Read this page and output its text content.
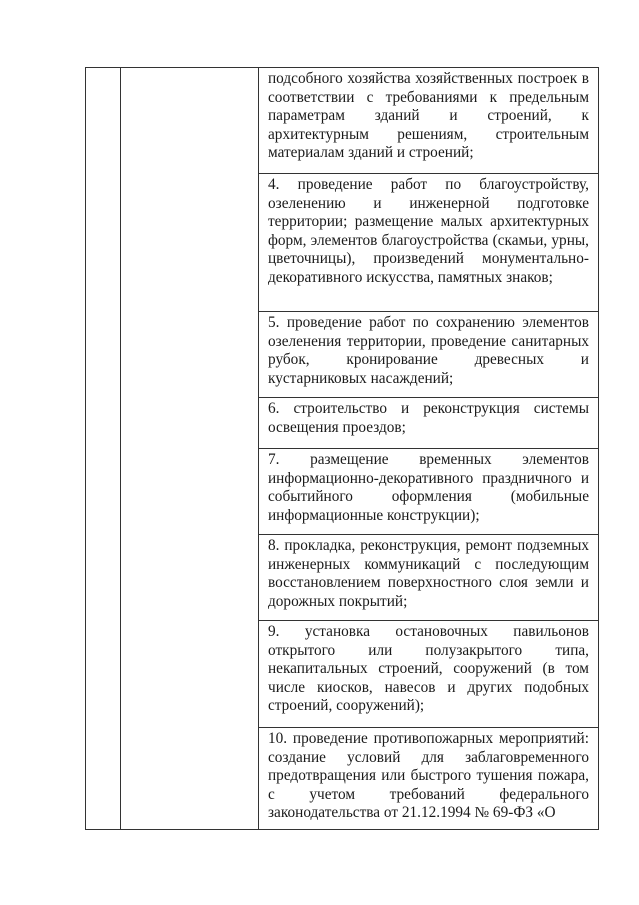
подсобного хозяйства хозяйственных построек в соответствии с требованиями к предельным параметрам зданий и строений, к архитектурным решениям, строительным материалам зданий и строений;
4. проведение работ по благоустройству, озеленению и инженерной подготовке территории; размещение малых архитектурных форм, элементов благоустройства (скамьи, урны, цветочницы), произведений монументально-декоративного искусства, памятных знаков;
5. проведение работ по сохранению элементов озеленения территории, проведение санитарных рубок, кронирование древесных и кустарниковых насаждений;
6. строительство и реконструкция системы освещения проездов;
7. размещение временных элементов информационно-декоративного праздничного и событийного оформления (мобильные информационные конструкции);
8. прокладка, реконструкция, ремонт подземных инженерных коммуникаций с последующим восстановлением поверхностного слоя земли и дорожных покрытий;
9. установка остановочных павильонов открытого или полузакрытого типа, некапитальных строений, сооружений (в том числе киосков, навесов и других подобных строений, сооружений);
10. проведение противопожарных мероприятий: создание условий для заблаговременного предотвращения или быстрого тушения пожара, с учетом требований федерального законодательства от 21.12.1994 № 69-ФЗ «О
